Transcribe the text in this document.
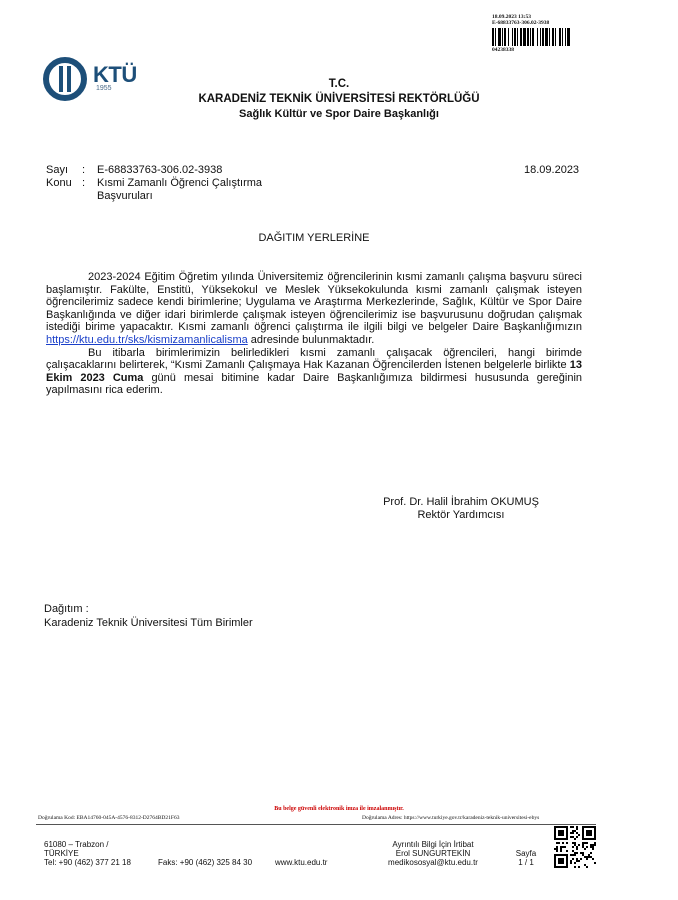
18.09.2023 13:53
E-68833763-306.02-3938
04238338
KTÜ
1955	T.C.
KARADENİZ TEKNİK ÜNİVERSİTESİ REKTÖRLÜĞÜ
Sağlık Kültür ve Spor Daire Başkanlığı
Sayı : E-68833763-306.02-3938	18.09.2023
Konu : Kısmi Zamanlı Öğrenci Çalıştırma
Başvuruları
DAĞITIM YERLERİNE

2023-2024 Eğitim Öğretim yılında Üniversitemiz öğrencilerinin kısmi zamanlı çalışma başvuru süreci başlamıştır. Fakülte, Enstitü, Yüksekokul ve Meslek Yüksekokulunda kısmi zamanlı çalışmak isteyen öğrencilerimiz sadece kendi birimlerine; Uygulama ve Araştırma Merkezlerinde, Sağlık, Kültür ve Spor Daire Başkanlığında ve diğer idari birimlerde çalışmak isteyen öğrencilerimiz ise başvurusunu doğrudan çalışmak istediği birime yapacaktır. Kısmi zamanlı öğrenci çalıştırma ile ilgili bilgi ve belgeler Daire Başkanlığımızın https://ktu.edu.tr/sks/kismizamanlicalisma adresinde bulunmaktadır.

Bu itibarla birimlerimizin belirledikleri kısmi zamanlı çalışacak öğrencileri, hangi birimde çalışacaklarını belirterek, “Kısmi Zamanlı Çalışmaya Hak Kazanan Öğrencilerden İstenen belgelerle birlikte 13 Ekim 2023 Cuma günü mesai bitimine kadar Daire Başkanlığımıza bildirmesi hususunda gereğinin yapılmasını rica ederim.

Prof. Dr. Halil İbrahim OKUMUŞ
Rektör Yardımcısı
Dağıtım :
Karadeniz Teknik Üniversitesi Tüm Birimler
Bu belge güvenli elektronik imza ile imzalanmıştır.
Doğrulama Kod: EBA14760-045A-4576-8312-D2764BD21F63	Doğrulama Adres: https://www.turkiye.gov.tr/karadeniz-teknik-universitesi-ebys
61080 – Trabzon /
TÜRKİYE
Tel: +90 (462) 377 21 18	Faks: +90 (462) 325 84 30	www.ktu.edu.tr
Ayrıntılı Bilgi İçin İrtibat
Erol SUNGURTEKİN
medikososyal@ktu.edu.tr
Sayfa
1 / 1
